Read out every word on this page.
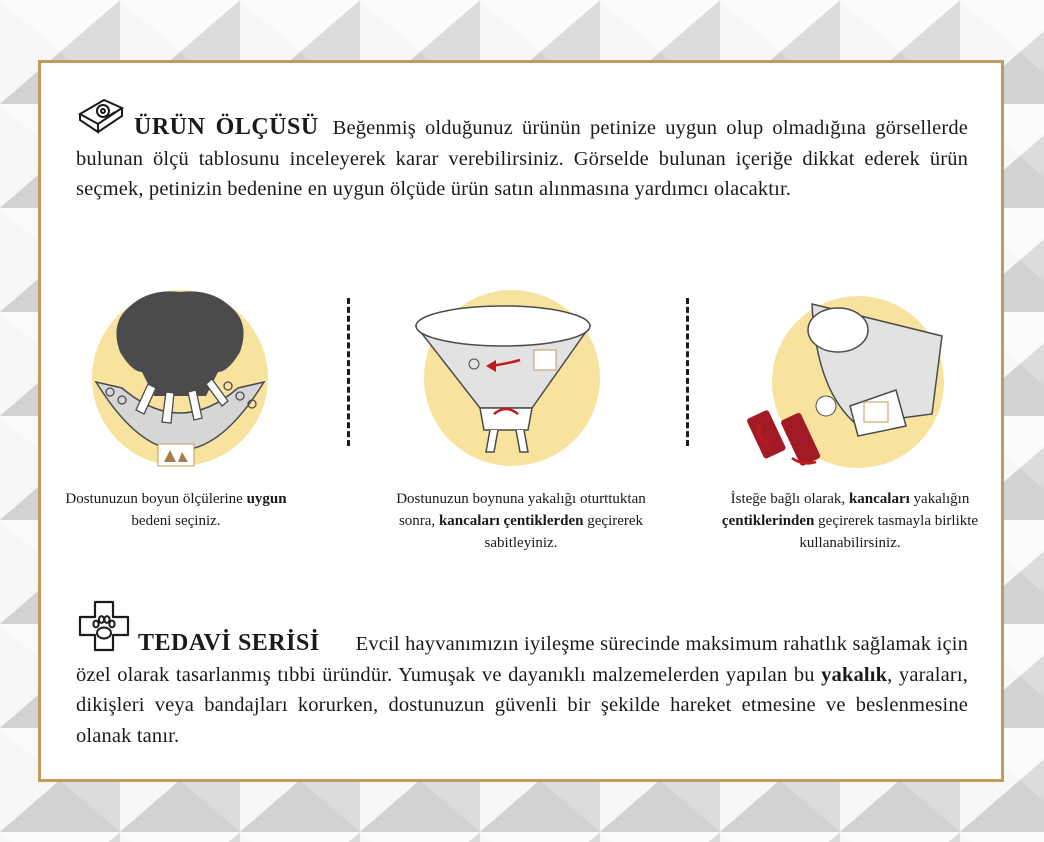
ÜRÜN ÖLÇÜSÜ Beğenmiş olduğunuz ürünün petinize uygun olup olmadığına görsellerde bulunan ölçü tablosunu inceleyerek karar verebilirsiniz. Görselde bulunan içeriğe dikkat ederek ürün seçmek, petinizin bedenine en uygun ölçüde ürün satın alınmasına yardımcı olacaktır.
Dostunuzun boyun ölçülerine uygun bedeni seçiniz.
Dostunuzun boynuna yakalığı oturttuktan sonra, kancaları çentiklerden geçirerek sabitleyiniz.
İsteğe bağlı olarak, kancaları yakalığın çentiklerinden geçirerek tasmayla birlikte kullanabilirsiniz.
TEDAVİ SERİSİ Evcil hayvanımızın iyileşme sürecinde maksimum rahatlık sağlamak için özel olarak tasarlanmış tıbbi üründür. Yumuşak ve dayanıklı malzemelerden yapılan bu yakalık, yaraları, dikişleri veya bandajları korurken, dostunuzun güvenli bir şekilde hareket etmesine ve beslenmesine olanak tanır.
